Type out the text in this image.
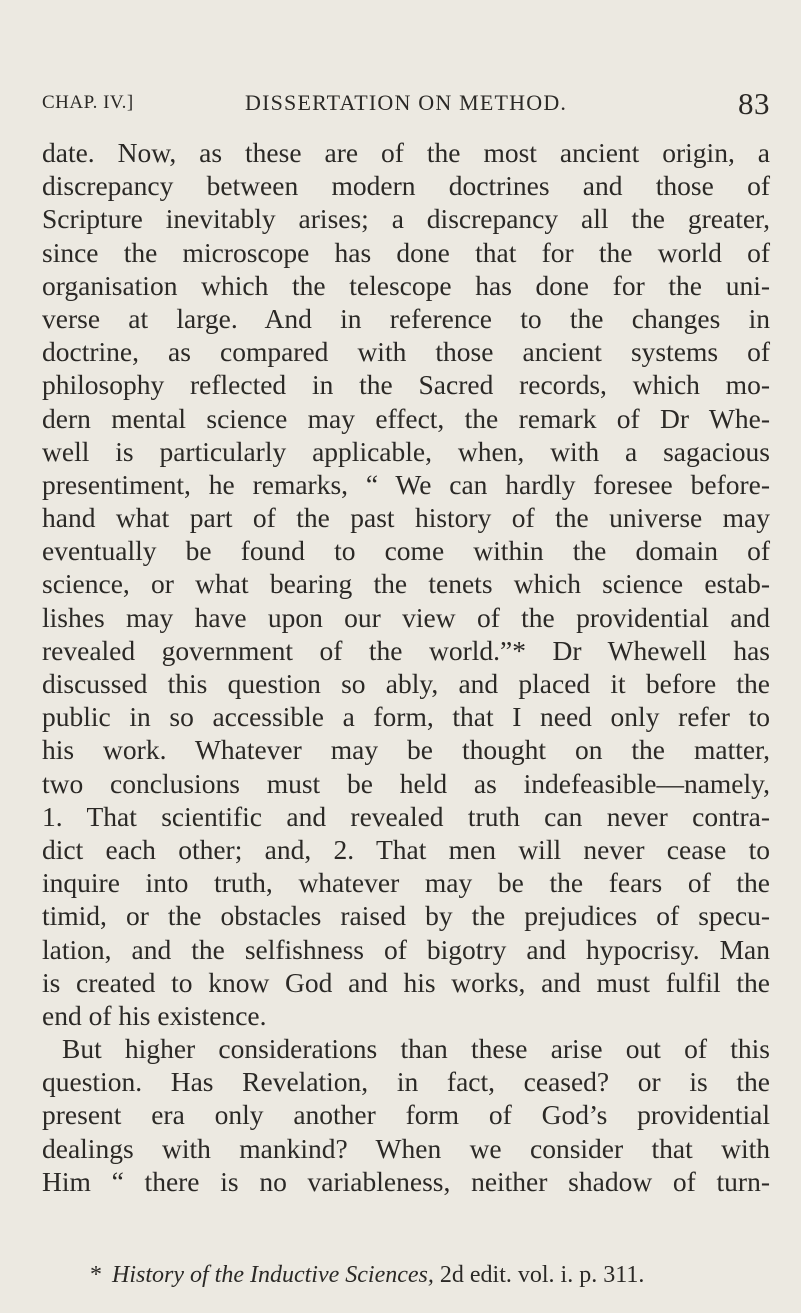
CHAP. IV.]	DISSERTATION ON METHOD.	83
date. Now, as these are of the most ancient origin, a
discrepancy between modern doctrines and those of
Scripture inevitably arises; a discrepancy all the greater,
since the microscope has done that for the world of
organisation which the telescope has done for the uni-
verse at large. And in reference to the changes in
doctrine, as compared with those ancient systems of
philosophy reflected in the Sacred records, which mo-
dern mental science may effect, the remark of Dr Whe-
well is particularly applicable, when, with a sagacious
presentiment, he remarks, “ We can hardly foresee before-
hand what part of the past history of the universe may
eventually be found to come within the domain of
science, or what bearing the tenets which science estab-
lishes may have upon our view of the providential and
revealed government of the world.”* Dr Whewell has
discussed this question so ably, and placed it before the
public in so accessible a form, that I need only refer to
his work. Whatever may be thought on the matter,
two conclusions must be held as indefeasible—namely,
1. That scientific and revealed truth can never contra-
dict each other; and, 2. That men will never cease to
inquire into truth, whatever may be the fears of the
timid, or the obstacles raised by the prejudices of specu-
lation, and the selfishness of bigotry and hypocrisy. Man
is created to know God and his works, and must fulfil the
end of his existence.
But higher considerations than these arise out of this
question. Has Revelation, in fact, ceased? or is the
present era only another form of God’s providential
dealings with mankind? When we consider that with
Him “ there is no variableness, neither shadow of turn-
* History of the Inductive Sciences, 2d edit. vol. i. p. 311.
